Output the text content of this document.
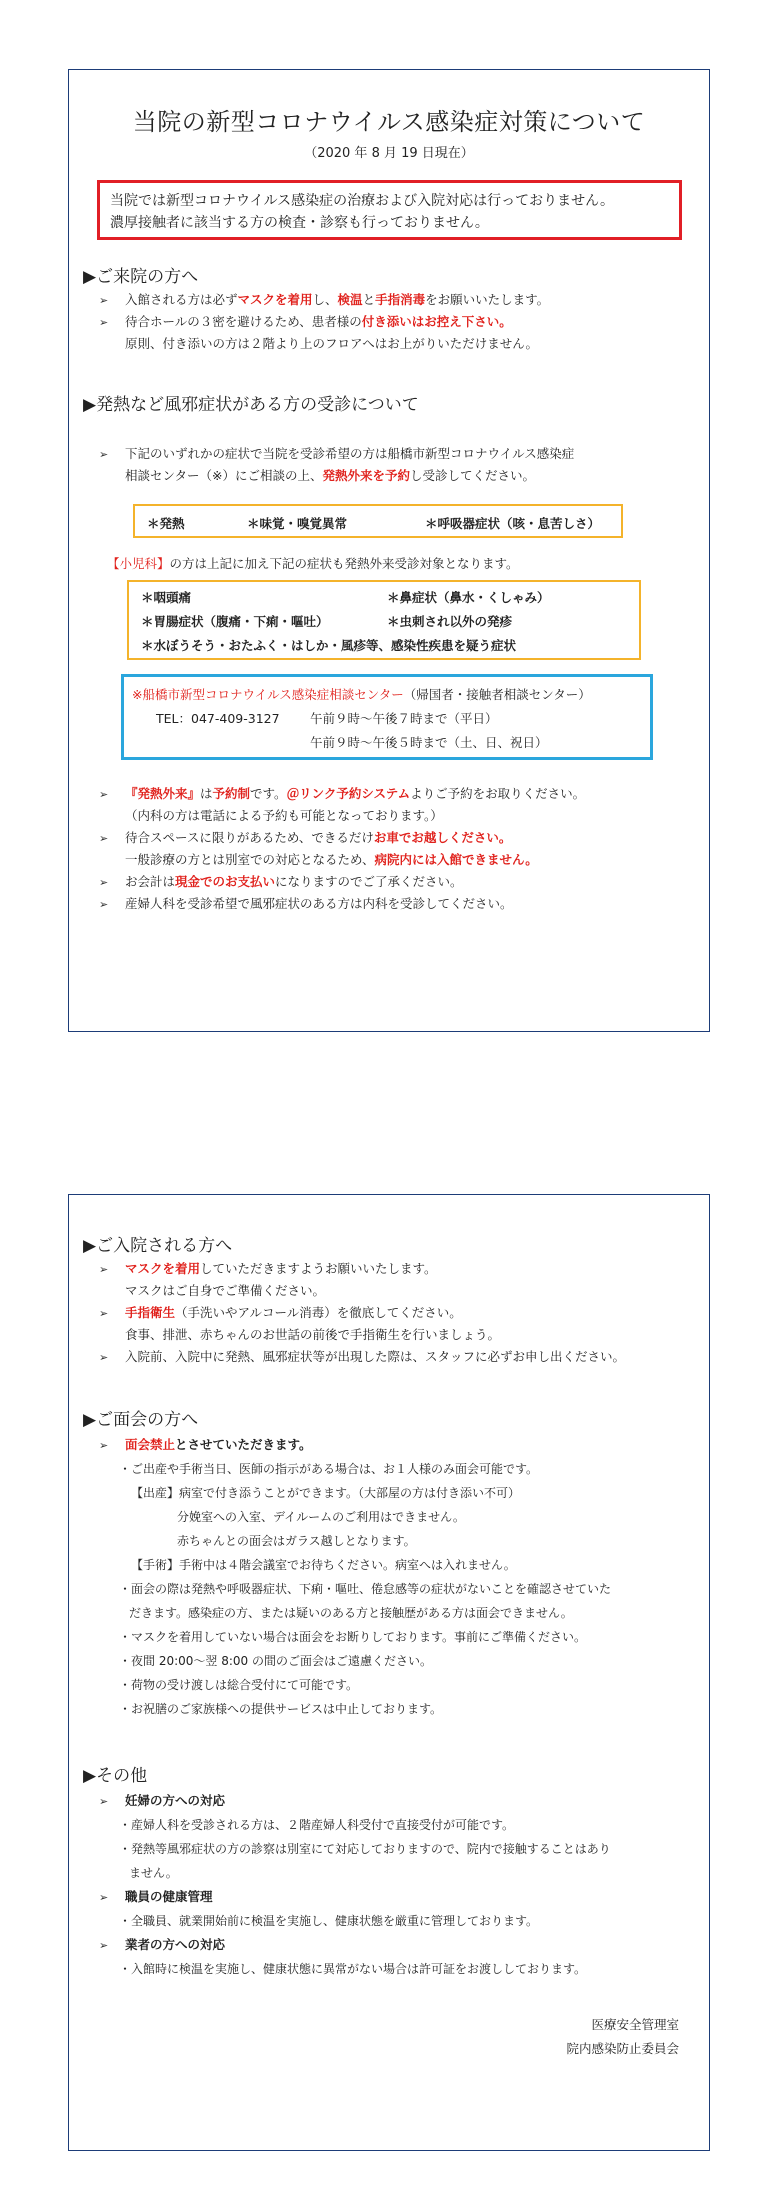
当院の新型コロナウイルス感染症対策について
（2020 年 8 月 19 日現在）
当院では新型コロナウイルス感染症の治療および入院対応は行っておりません。
濃厚接触者に該当する方の検査・診察も行っておりません。
▶ご来院の方へ
➢ 入館される方は必ずマスクを着用し、検温と手指消毒をお願いいたします。
➢ 待合ホールの３密を避けるため、患者様の付き添いはお控え下さい。
原則、付き添いの方は２階より上のフロアへはお上がりいただけません。
▶発熱など風邪症状がある方の受診について
➢ 下記のいずれかの症状で当院を受診希望の方は船橋市新型コロナウイルス感染症
相談センター（※）にご相談の上、発熱外来を予約し受診してください。
＊発熱	＊味覚・嗅覚異常	＊呼吸器症状（咳・息苦しさ）
【小児科】の方は上記に加え下記の症状も発熱外来受診対象となります。
＊咽頭痛	＊鼻症状（鼻水・くしゃみ）
＊胃腸症状（腹痛・下痢・嘔吐）	＊虫刺され以外の発疹
＊水ぼうそう・おたふく・はしか・風疹等、感染性疾患を疑う症状
※船橋市新型コロナウイルス感染症相談センター（帰国者・接触者相談センター）
TEL：047-409-3127 午前９時～午後７時まで（平日）
午前９時～午後５時まで（土、日、祝日）
➢ 『発熱外来』は予約制です。＠リンク予約システムよりご予約をお取りください。
（内科の方は電話による予約も可能となっております。）
➢ 待合スペースに限りがあるため、できるだけお車でお越しください。
一般診療の方とは別室での対応となるため、病院内には入館できません。
➢ お会計は現金でのお支払いになりますのでご了承ください。
➢ 産婦人科を受診希望で風邪症状のある方は内科を受診してください。
▶ご入院される方へ
➢ マスクを着用していただきますようお願いいたします。
マスクはご自身でご準備ください。
➢ 手指衛生（手洗いやアルコール消毒）を徹底してください。
食事、排泄、赤ちゃんのお世話の前後で手指衛生を行いましょう。
➢ 入院前、入院中に発熱、風邪症状等が出現した際は、スタッフに必ずお申し出ください。
▶ご面会の方へ
➢ 面会禁止とさせていただきます。
・ご出産や手術当日、医師の指示がある場合は、お１人様のみ面会可能です。
【出産】病室で付き添うことができます。（大部屋の方は付き添い不可）
分娩室への入室、デイルームのご利用はできません。
赤ちゃんとの面会はガラス越しとなります。
【手術】手術中は４階会議室でお待ちください。病室へは入れません。
・面会の際は発熱や呼吸器症状、下痢・嘔吐、倦怠感等の症状がないことを確認させていた
だきます。感染症の方、または疑いのある方と接触歴がある方は面会できません。
・マスクを着用していない場合は面会をお断りしております。事前にご準備ください。
・夜間 20:00～翌 8:00 の間のご面会はご遠慮ください。
・荷物の受け渡しは総合受付にて可能です。
・お祝膳のご家族様への提供サービスは中止しております。
▶その他
➢ 妊婦の方への対応
・産婦人科を受診される方は、２階産婦人科受付で直接受付が可能です。
・発熱等風邪症状の方の診察は別室にて対応しておりますので、院内で接触することはあり
ません。
➢ 職員の健康管理
・全職員、就業開始前に検温を実施し、健康状態を厳重に管理しております。
➢ 業者の方への対応
・入館時に検温を実施し、健康状態に異常がない場合は許可証をお渡ししております。
医療安全管理室
院内感染防止委員会
